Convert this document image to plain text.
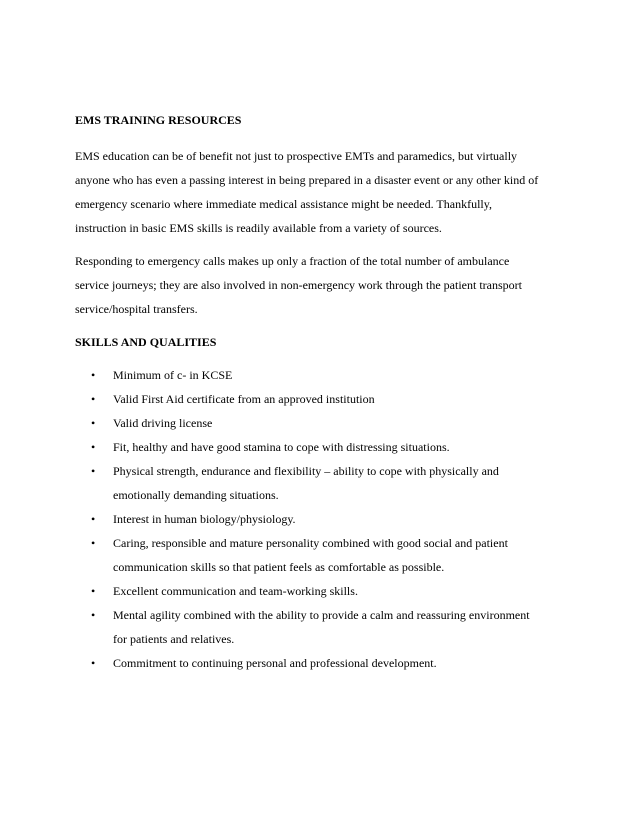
EMS TRAINING RESOURCES

EMS education can be of benefit not just to prospective EMTs and paramedics, but virtually
anyone who has even a passing interest in being prepared in a disaster event or any other kind of
emergency scenario where immediate medical assistance might be needed. Thankfully,
instruction in basic EMS skills is readily available from a variety of sources.

Responding to emergency calls makes up only a fraction of the total number of ambulance
service journeys; they are also involved in non-emergency work through the patient transport
service/hospital transfers.

SKILLS AND QUALITIES
• Minimum of c- in KCSE
• Valid First Aid certificate from an approved institution
• Valid driving license
• Fit, healthy and have good stamina to cope with distressing situations.
• Physical strength, endurance and flexibility – ability to cope with physically and
emotionally demanding situations.
• Interest in human biology/physiology.
• Caring, responsible and mature personality combined with good social and patient
communication skills so that patient feels as comfortable as possible.
• Excellent communication and team-working skills.
• Mental agility combined with the ability to provide a calm and reassuring environment
for patients and relatives.
• Commitment to continuing personal and professional development.
